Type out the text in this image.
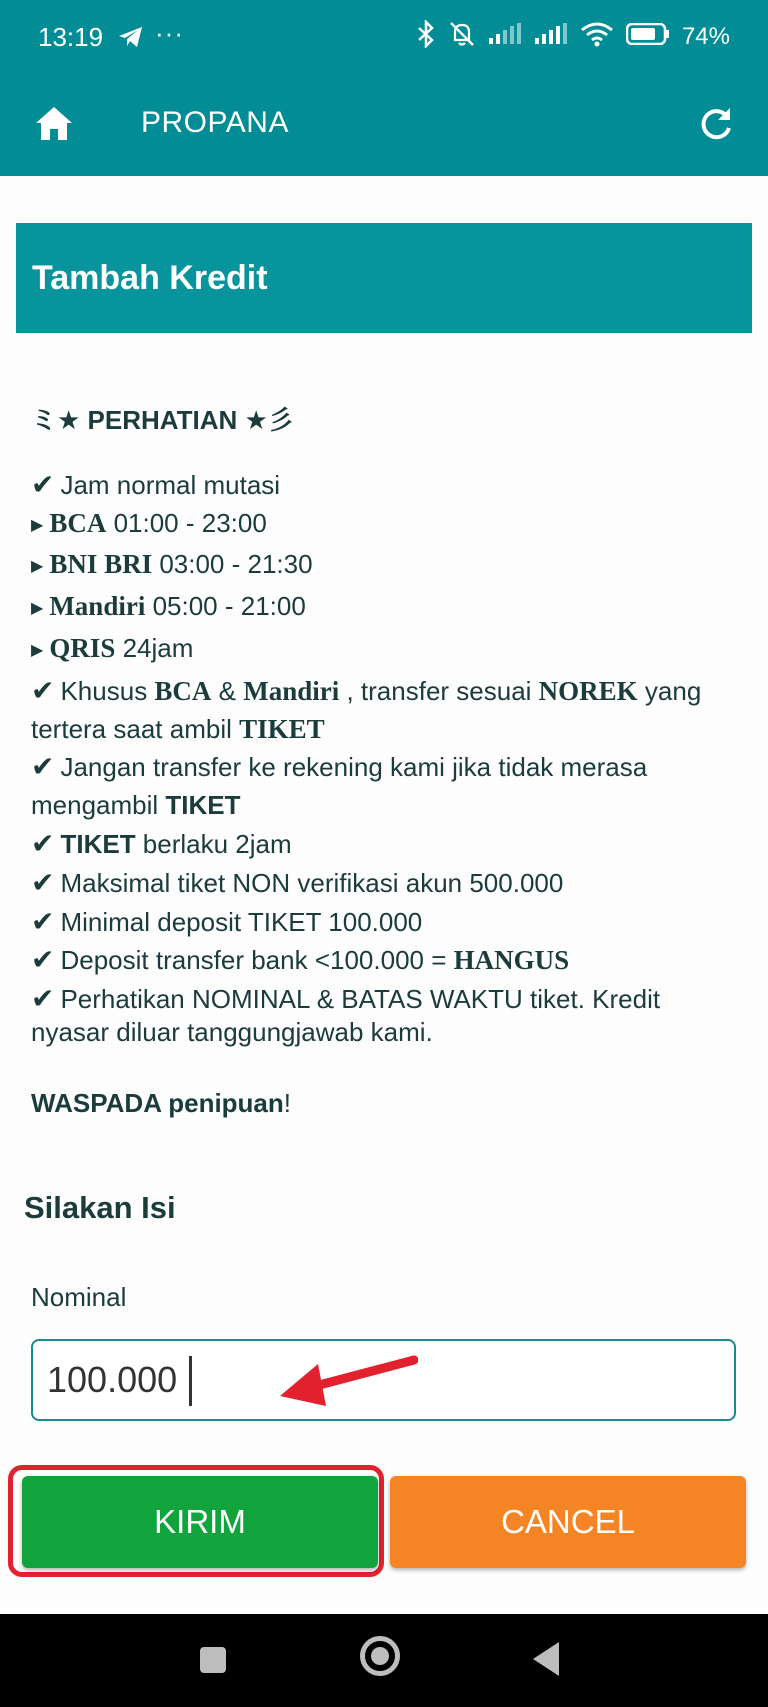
13:19 ···	74%
PROPANA
Tambah Kredit
ミ★ PERHATIAN ★彡
✔ Jam normal mutasi
▶ BCA 01:00 - 23:00
▶ BNI BRI 03:00 - 21:30
▶ Mandiri 05:00 - 21:00
▶ QRIS 24jam
✔ Khusus BCA & Mandiri , transfer sesuai NOREK yang tertera saat ambil TIKET
✔ Jangan transfer ke rekening kami jika tidak merasa mengambil TIKET
✔ TIKET berlaku 2jam
✔ Maksimal tiket NON verifikasi akun 500.000
✔ Minimal deposit TIKET 100.000
✔ Deposit transfer bank <100.000 = HANGUS
✔ Perhatikan NOMINAL & BATAS WAKTU tiket. Kredit nyasar diluar tanggungjawab kami.
WASPADA penipuan!
Silakan Isi
Nominal
100.000
KIRIM	CANCEL
